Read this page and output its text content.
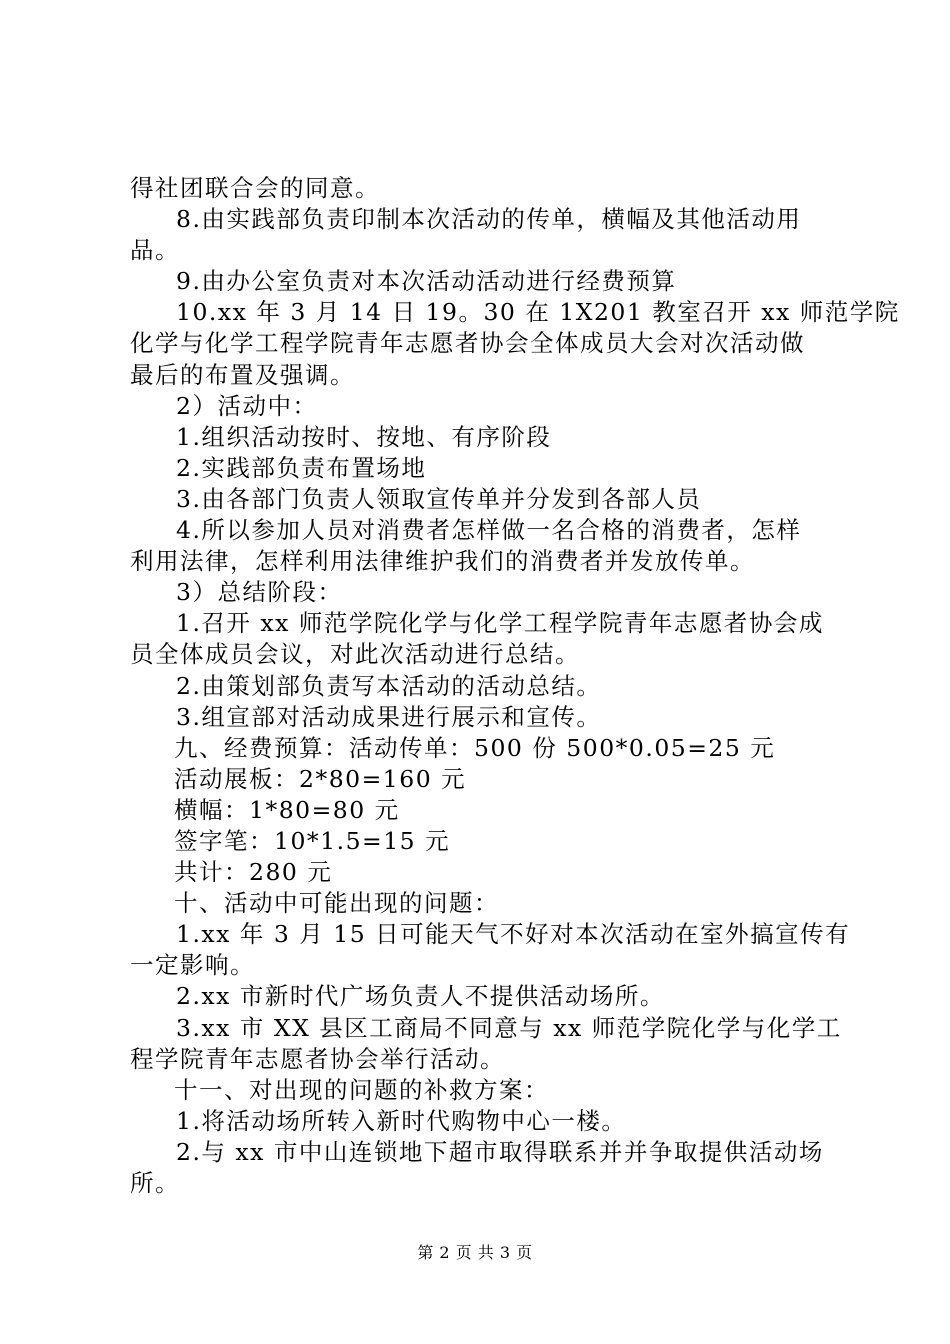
得社团联合会的同意。
8.由实践部负责印制本次活动的传单，横幅及其他活动用
品。
9.由办公室负责对本次活动活动进行经费预算
10.xx 年 3 月 14 日 19。30 在 1X201 教室召开 xx 师范学院
化学与化学工程学院青年志愿者协会全体成员大会对次活动做
最后的布置及强调。
2）活动中：
1.组织活动按时、按地、有序阶段
2.实践部负责布置场地
3.由各部门负责人领取宣传单并分发到各部人员
4.所以参加人员对消费者怎样做一名合格的消费者，怎样
利用法律，怎样利用法律维护我们的消费者并发放传单。
3）总结阶段：
1.召开 xx 师范学院化学与化学工程学院青年志愿者协会成
员全体成员会议，对此次活动进行总结。
2.由策划部负责写本活动的活动总结。
3.组宣部对活动成果进行展示和宣传。
九、经费预算：活动传单：500 份 500*0.05=25 元
活动展板：2*80=160 元
横幅：1*80=80 元
签字笔：10*1.5=15 元
共计：280 元
十、活动中可能出现的问题：
1.xx 年 3 月 15 日可能天气不好对本次活动在室外搞宣传有
一定影响。
2.xx 市新时代广场负责人不提供活动场所。
3.xx 市 XX 县区工商局不同意与 xx 师范学院化学与化学工
程学院青年志愿者协会举行活动。
十一、对出现的问题的补救方案：
1.将活动场所转入新时代购物中心一楼。
2.与 xx 市中山连锁地下超市取得联系并并争取提供活动场
所。
第 2 页 共 3 页
